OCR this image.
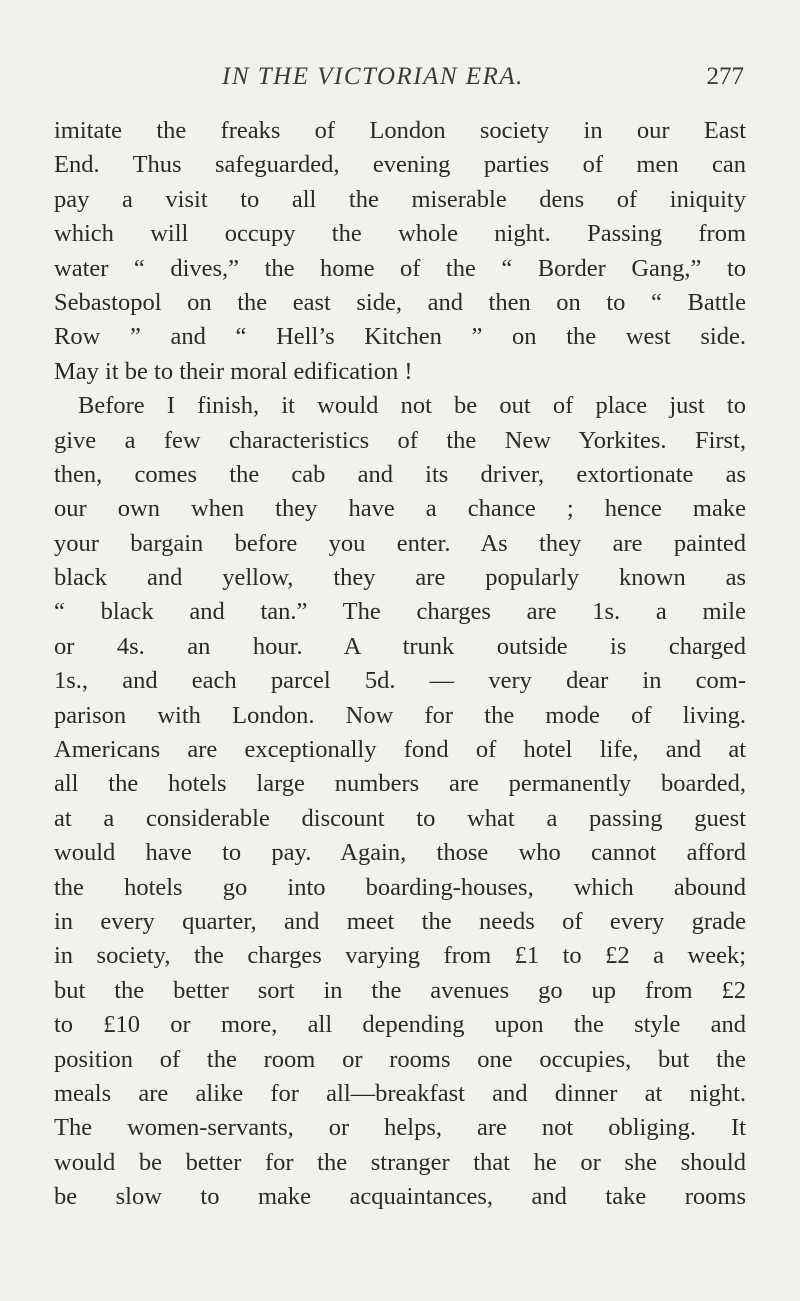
IN THE VICTORIAN ERA.	277
imitate the freaks of London society in our East
End. Thus safeguarded, evening parties of men can
pay a visit to all the miserable dens of iniquity
which will occupy the whole night. Passing from
water “ dives,” the home of the “ Border Gang,” to
Sebastopol on the east side, and then on to “ Battle
Row ” and “ Hell’s Kitchen ” on the west side.
May it be to their moral edification !
Before I finish, it would not be out of place just to
give a few characteristics of the New Yorkites. First,
then, comes the cab and its driver, extortionate as
our own when they have a chance ; hence make
your bargain before you enter. As they are painted
black and yellow, they are popularly known as
“ black and tan.” The charges are 1s. a mile
or 4s. an hour. A trunk outside is charged
1s., and each parcel 5d. — very dear in com-
parison with London. Now for the mode of living.
Americans are exceptionally fond of hotel life, and at
all the hotels large numbers are permanently boarded,
at a considerable discount to what a passing guest
would have to pay. Again, those who cannot afford
the hotels go into boarding-houses, which abound
in every quarter, and meet the needs of every grade
in society, the charges varying from £1 to £2 a week;
but the better sort in the avenues go up from £2
to £10 or more, all depending upon the style and
position of the room or rooms one occupies, but the
meals are alike for all—breakfast and dinner at night.
The women-servants, or helps, are not obliging. It
would be better for the stranger that he or she should
be slow to make acquaintances, and take rooms
